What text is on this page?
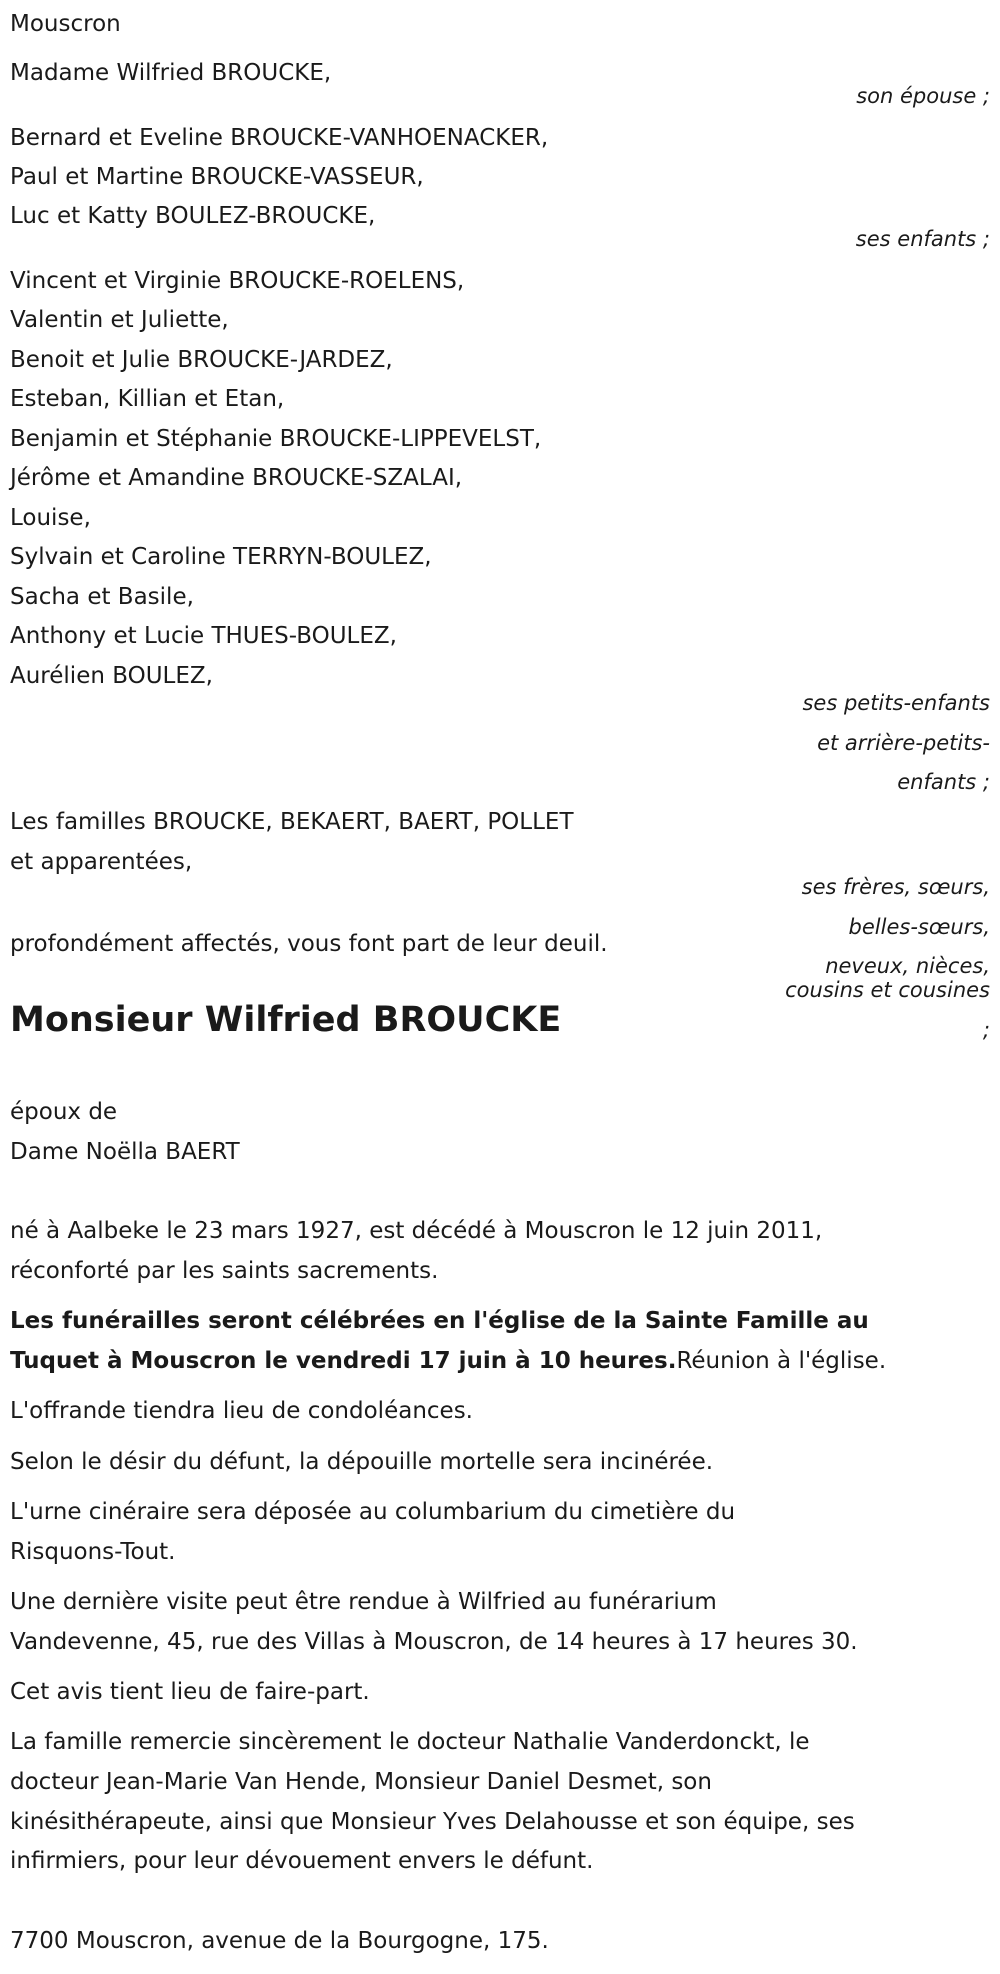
Mouscron
Madame Wilfried BROUCKE,
son épouse ;
Bernard et Eveline BROUCKE-VANHOENACKER,
Paul et Martine BROUCKE-VASSEUR,
Luc et Katty BOULEZ-BROUCKE,
ses enfants ;
Vincent et Virginie BROUCKE-ROELENS,
Valentin et Juliette,
Benoit et Julie BROUCKE-JARDEZ,
Esteban, Killian et Etan,
Benjamin et Stéphanie BROUCKE-LIPPEVELST,
Jérôme et Amandine BROUCKE-SZALAI,
Louise,
Sylvain et Caroline TERRYN-BOULEZ,
Sacha et Basile,
Anthony et Lucie THUES-BOULEZ,
Aurélien BOULEZ,
ses petits-enfants
et arrière-petits-
enfants ;
Les familles BROUCKE, BEKAERT, BAERT, POLLET
et apparentées,
ses frères, sœurs,
belles-sœurs,
neveux, nièces,
cousins et cousines
;
profondément affectés, vous font part de leur deuil.
Monsieur Wilfried BROUCKE
époux de
Dame Noëlla BAERT
né à Aalbeke le 23 mars 1927, est décédé à Mouscron le 12 juin 2011,
réconforté par les saints sacrements.
Les funérailles seront célébrées en l'église de la Sainte Famille au
Tuquet à Mouscron le vendredi 17 juin à 10 heures.Réunion à l'église.
L'offrande tiendra lieu de condoléances.
Selon le désir du défunt, la dépouille mortelle sera incinérée.
L'urne cinéraire sera déposée au columbarium du cimetière du
Risquons-Tout.
Une dernière visite peut être rendue à Wilfried au funérarium
Vandevenne, 45, rue des Villas à Mouscron, de 14 heures à 17 heures 30.
Cet avis tient lieu de faire-part.
La famille remercie sincèrement le docteur Nathalie Vanderdonckt, le
docteur Jean-Marie Van Hende, Monsieur Daniel Desmet, son
kinésithérapeute, ainsi que Monsieur Yves Delahousse et son équipe, ses
infirmiers, pour leur dévouement envers le défunt.
7700 Mouscron, avenue de la Bourgogne, 175.
